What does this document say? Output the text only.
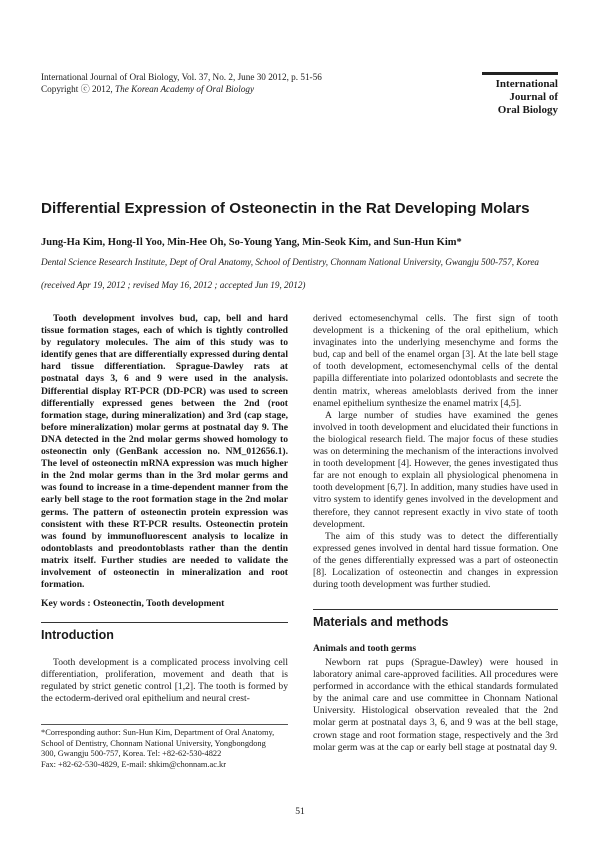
International Journal of Oral Biology, Vol. 37, No. 2, June 30 2012, p. 51-56
Copyright ⓒ 2012, The Korean Academy of Oral Biology	International
Journal of
Oral Biology
Differential Expression of Osteonectin in the Rat Developing Molars
Jung-Ha Kim, Hong-Il Yoo, Min-Hee Oh, So-Young Yang, Min-Seok Kim, and Sun-Hun Kim*
Dental Science Research Institute, Dept of Oral Anatomy, School of Dentistry, Chonnam National University, Gwangju 500-757, Korea
(received Apr 19, 2012 ; revised May 16, 2012 ; accepted Jun 19, 2012)

Tooth development involves bud, cap, bell and hard tissue formation stages, each of which is tightly controlled by regulatory molecules. The aim of this study was to identify genes that are differentially expressed during dental hard tissue differentiation. Sprague-Dawley rats at postnatal days 3, 6 and 9 were used in the analysis. Differential display RT-PCR (DD-PCR) was used to screen differentially expressed genes between the 2nd (root formation stage, during mineralization) and 3rd (cap stage, before mineralization) molar germs at postnatal day 9. The DNA detected in the 2nd molar germs showed homology to osteonectin only (GenBank accession no. NM_012656.1). The level of osteonectin mRNA expression was much higher in the 2nd molar germs than in the 3rd molar germs and was found to increase in a time-dependent manner from the early bell stage to the root formation stage in the 2nd molar germs. The pattern of osteonectin protein expression was consistent with these RT-PCR results. Osteonectin protein was found by immunofluorescent analysis to localize in odontoblasts and preodontoblasts rather than the dentin matrix itself. Further studies are needed to validate the involvement of osteonectin in mineralization and root formation.

Key words : Osteonectin, Tooth development
Introduction

Tooth development is a complicated process involving cell differentiation, proliferation, movement and death that is regulated by strict genetic control [1,2]. The tooth is formed by the ectoderm-derived oral epithelium and neural crest-

*Corresponding author: Sun-Hun Kim, Department of Oral Anatomy,
School of Dentistry, Chonnam National University, Yongbongdong
300, Gwangju 500-757, Korea. Tel: +82-62-530-4822
Fax: +82-62-530-4829, E-mail: shkim@chonnam.ac.kr

derived ectomesenchymal cells. The first sign of tooth development is a thickening of the oral epithelium, which invaginates into the underlying mesenchyme and forms the bud, cap and bell of the enamel organ [3]. At the late bell stage of tooth development, ectomesenchymal cells of the dental papilla differentiate into polarized odontoblasts and secrete the dentin matrix, whereas ameloblasts derived from the inner enamel epithelium synthesize the enamel matrix [4,5].

A large number of studies have examined the genes involved in tooth development and elucidated their functions in the biological research field. The major focus of these studies was on determining the mechanism of the interactions involved in tooth development [4]. However, the genes investigated thus far are not enough to explain all physiological phenomena in tooth development [6,7]. In addition, many studies have used in vitro system to identify genes involved in the development and therefore, they cannot represent exactly in vivo state of tooth development.

The aim of this study was to detect the differentially expressed genes involved in dental hard tissue formation. One of the genes differentially expressed was a part of osteonectin [8]. Localization of osteonectin and changes in expression during tooth development was further studied.

Materials and methods
Animals and tooth germs

Newborn rat pups (Sprague-Dawley) were housed in laboratory animal care-approved facilities. All procedures were performed in accordance with the ethical standards formulated by the animal care and use committee in Chonnam National University. Histological observation revealed that the 2nd molar germ at postnatal days 3, 6, and 9 was at the bell stage, crown stage and root formation stage, respectively and the 3rd molar germ was at the cap or early bell stage at postnatal day 9.

51
